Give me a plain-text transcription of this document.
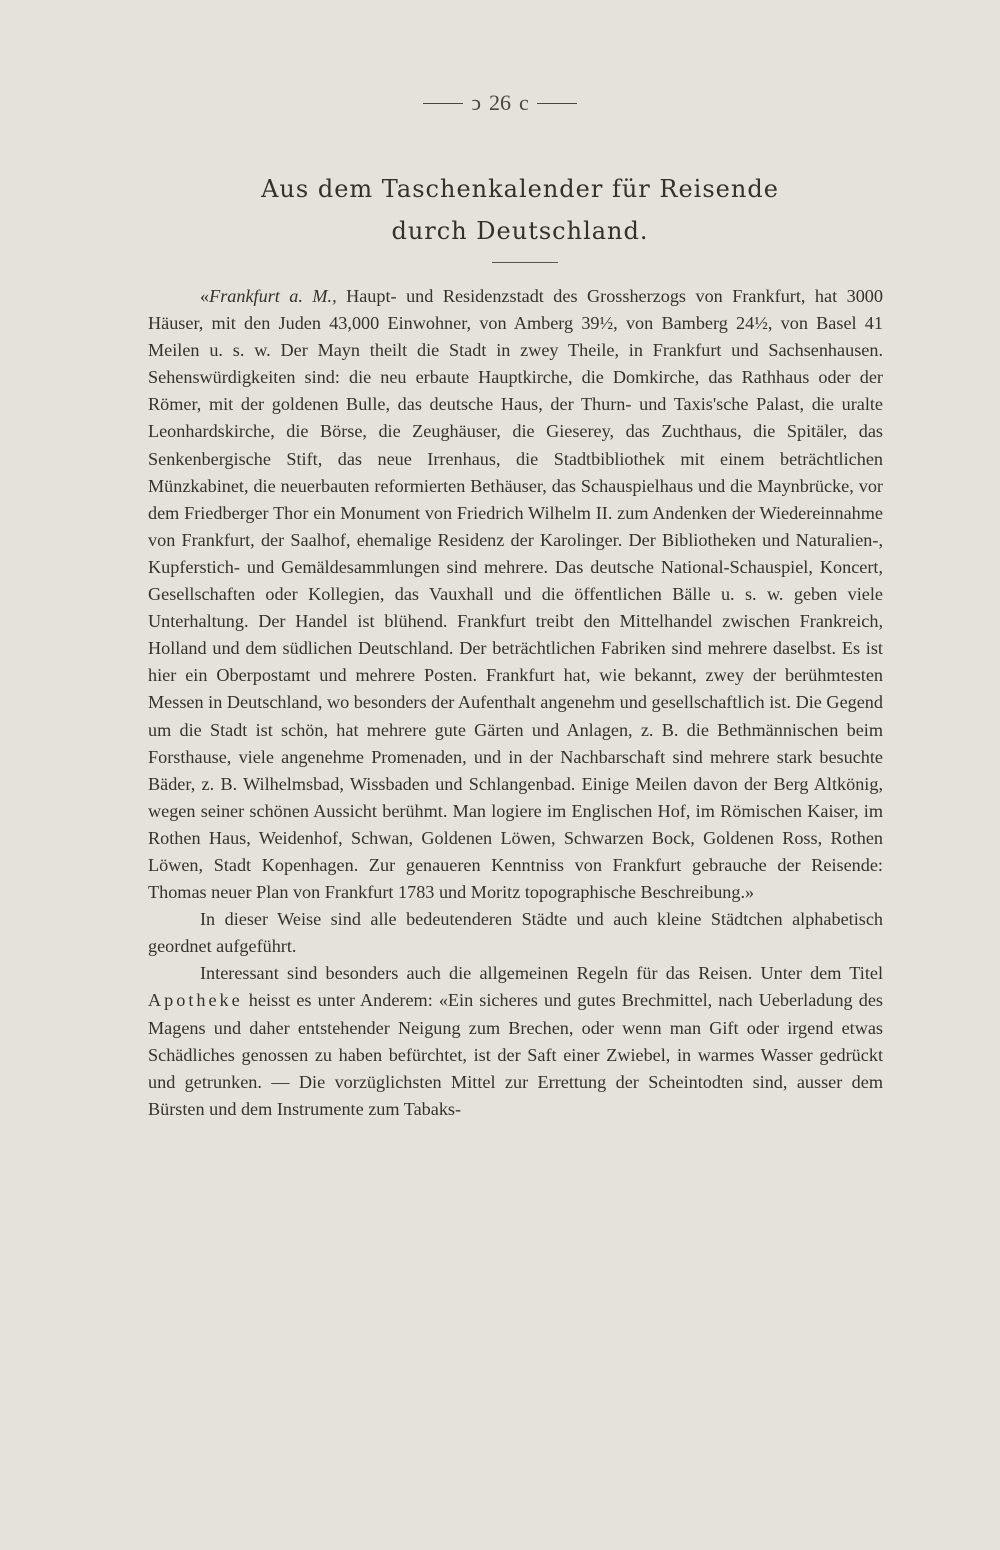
ↄ 26 c
Aus dem Taschenkalender für Reisende
durch Deutschland.

«Frankfurt a. M., Haupt- und Residenzstadt des Grossherzogs von Frankfurt, hat 3000 Häuser, mit den Juden 43,000 Einwohner, von Amberg 39½, von Bamberg 24½, von Basel 41 Meilen u. s. w. Der Mayn theilt die Stadt in zwey Theile, in Frankfurt und Sachsenhausen. Sehenswürdigkeiten sind: die neu erbaute Hauptkirche, die Domkirche, das Rathhaus oder der Römer, mit der goldenen Bulle, das deutsche Haus, der Thurn- und Taxis'sche Palast, die uralte Leonhardskirche, die Börse, die Zeughäuser, die Gieserey, das Zuchthaus, die Spitäler, das Senkenbergische Stift, das neue Irrenhaus, die Stadtbibliothek mit einem beträchtlichen Münzkabinet, die neuerbauten reformierten Bethäuser, das Schauspielhaus und die Maynbrücke, vor dem Friedberger Thor ein Monument von Friedrich Wilhelm II. zum Andenken der Wiedereinnahme von Frankfurt, der Saalhof, ehemalige Residenz der Karolinger. Der Bibliotheken und Naturalien-, Kupferstich- und Gemäldesammlungen sind mehrere. Das deutsche National-Schauspiel, Koncert, Gesellschaften oder Kollegien, das Vauxhall und die öffentlichen Bälle u. s. w. geben viele Unterhaltung. Der Handel ist blühend. Frankfurt treibt den Mittelhandel zwischen Frankreich, Holland und dem südlichen Deutschland. Der beträchtlichen Fabriken sind mehrere daselbst. Es ist hier ein Oberpostamt und mehrere Posten. Frankfurt hat, wie bekannt, zwey der berühmtesten Messen in Deutschland, wo besonders der Aufenthalt angenehm und gesellschaftlich ist. Die Gegend um die Stadt ist schön, hat mehrere gute Gärten und Anlagen, z. B. die Bethmännischen beim Forsthause, viele angenehme Promenaden, und in der Nachbarschaft sind mehrere stark besuchte Bäder, z. B. Wilhelmsbad, Wissbaden und Schlangenbad. Einige Meilen davon der Berg Altkönig, wegen seiner schönen Aussicht berühmt. Man logiere im Englischen Hof, im Römischen Kaiser, im Rothen Haus, Weidenhof, Schwan, Goldenen Löwen, Schwarzen Bock, Goldenen Ross, Rothen Löwen, Stadt Kopenhagen. Zur genaueren Kenntniss von Frankfurt gebrauche der Reisende: Thomas neuer Plan von Frankfurt 1783 und Moritz topographische Beschreibung.»

In dieser Weise sind alle bedeutenderen Städte und auch kleine Städtchen alphabetisch geordnet aufgeführt.

Interessant sind besonders auch die allgemeinen Regeln für das Reisen. Unter dem Titel Apotheke heisst es unter Anderem: «Ein sicheres und gutes Brechmittel, nach Ueberladung des Magens und daher entstehender Neigung zum Brechen, oder wenn man Gift oder irgend etwas Schädliches genossen zu haben befürchtet, ist der Saft einer Zwiebel, in warmes Wasser gedrückt und getrunken. — Die vorzüglichsten Mittel zur Errettung der Scheintodten sind, ausser dem Bürsten und dem Instrumente zum Tabaks-
